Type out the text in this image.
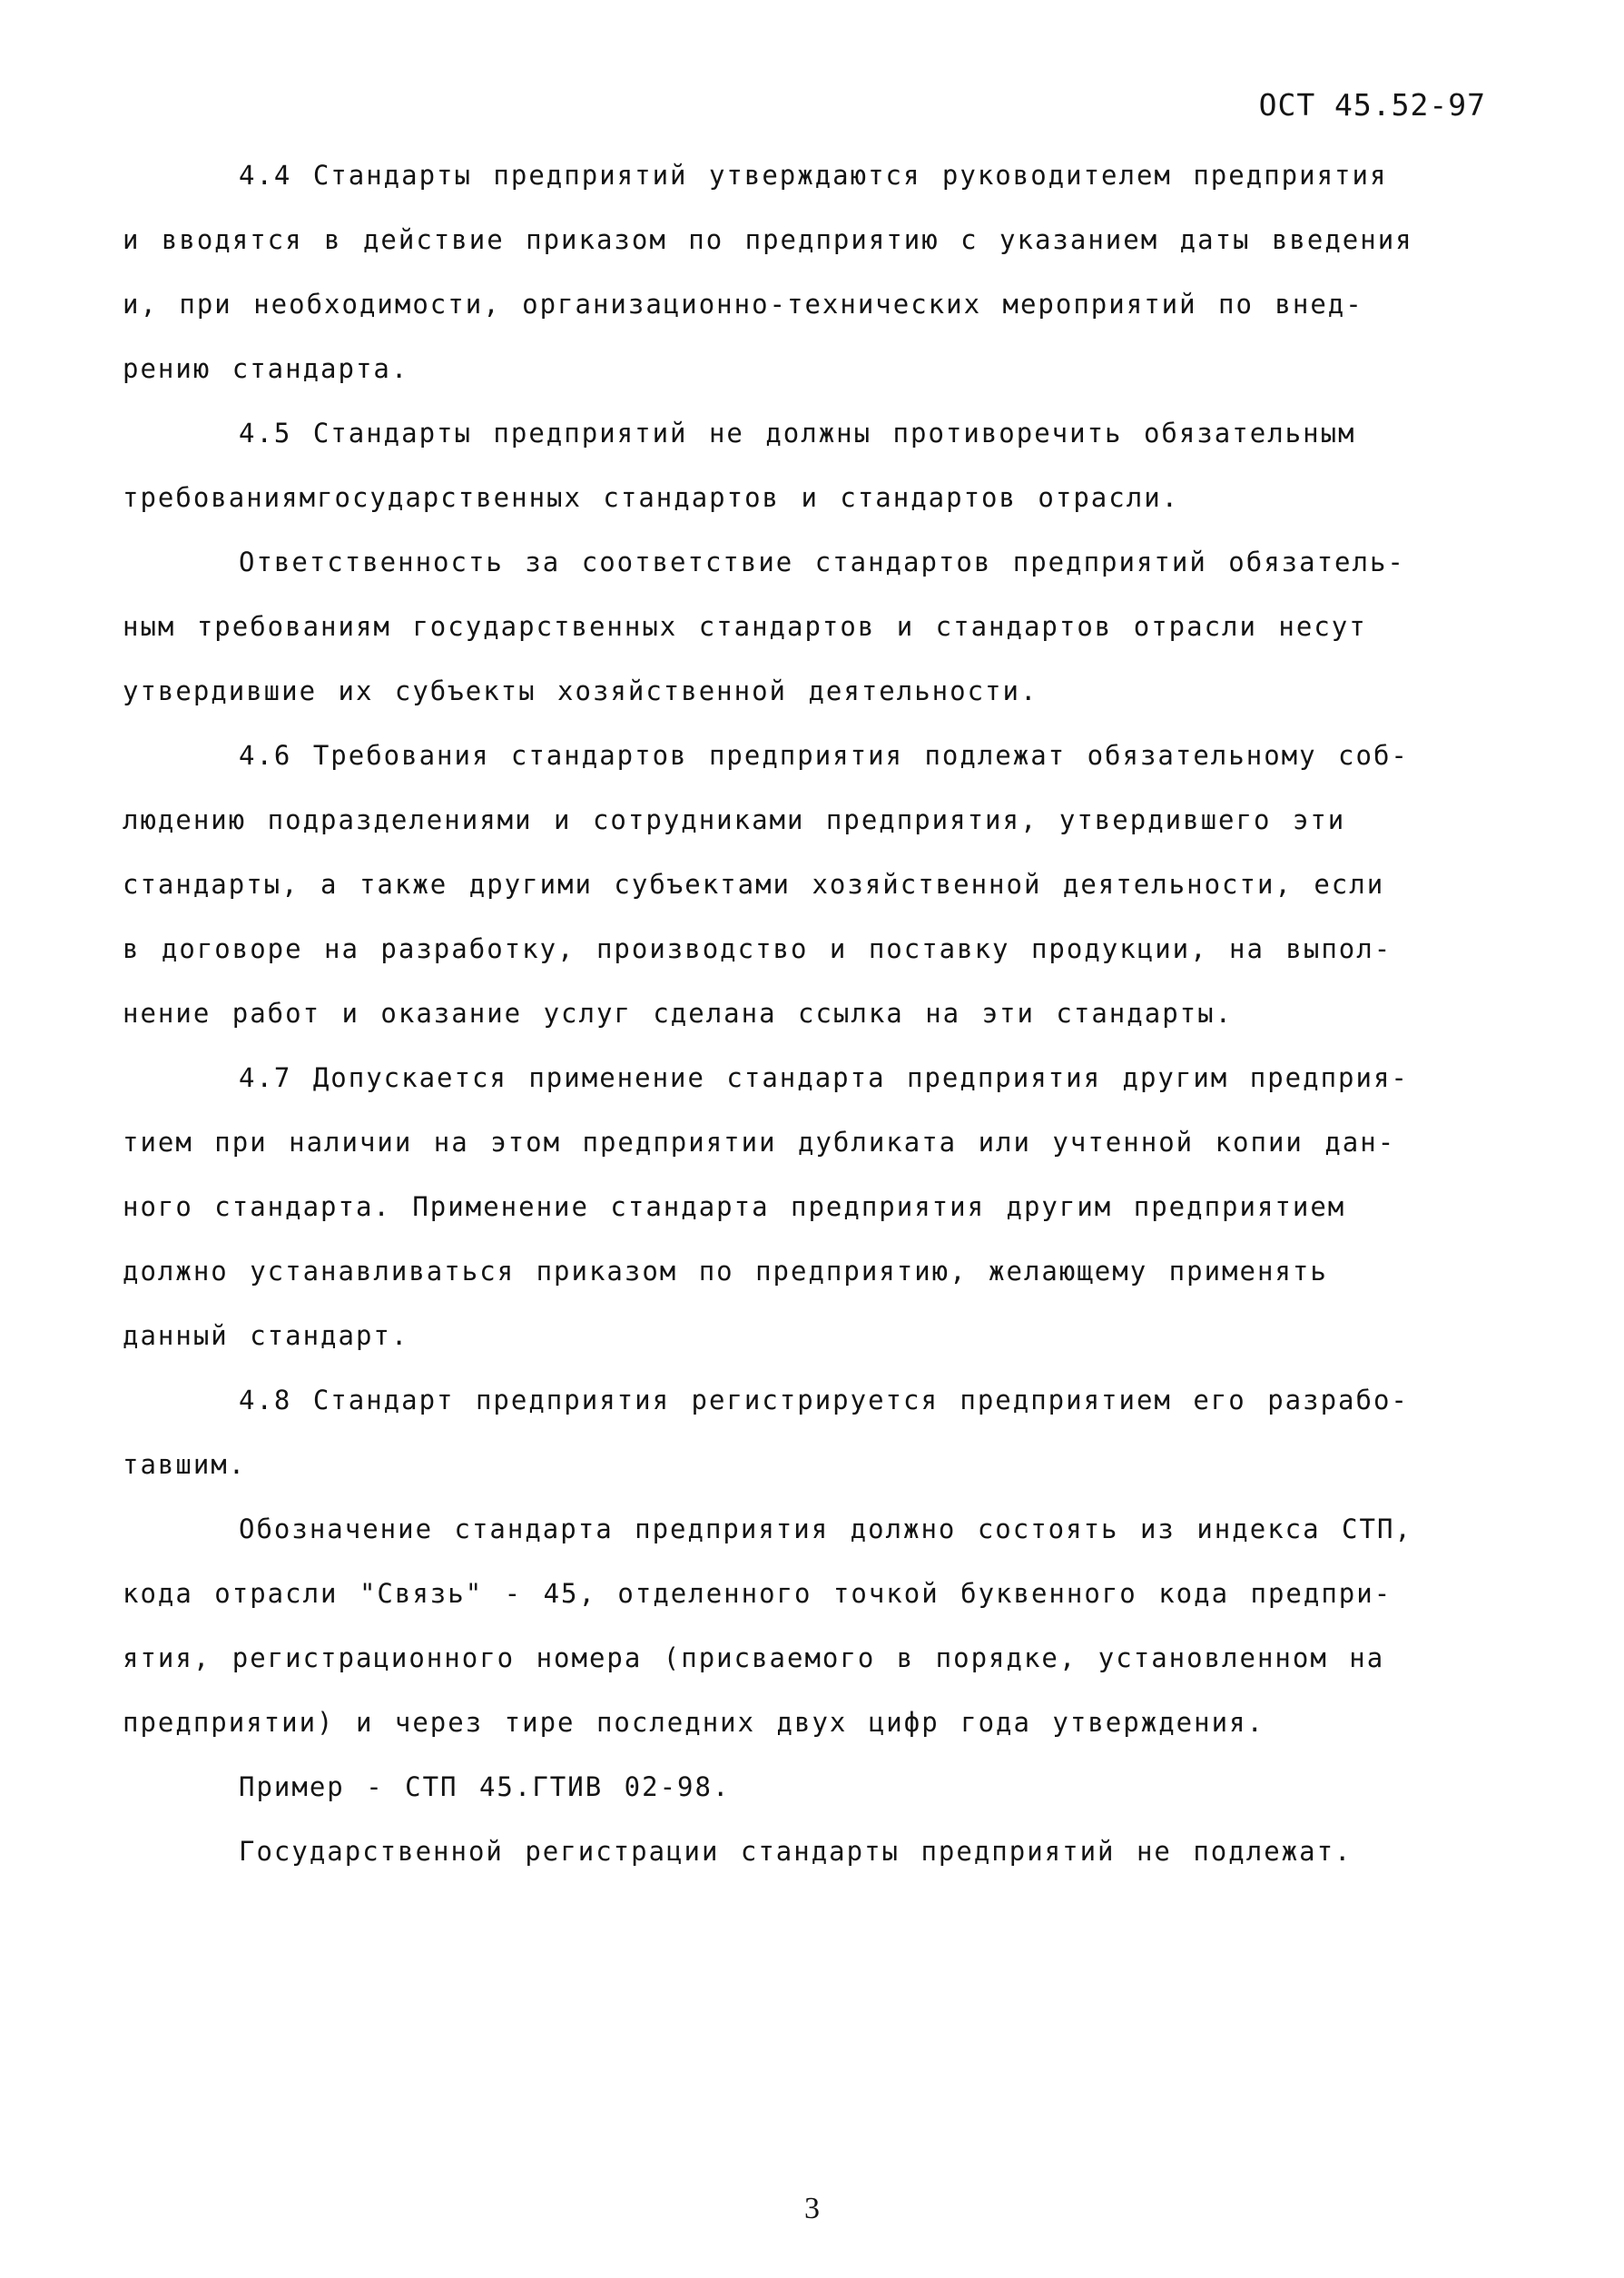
ОСТ 45.52-97
4.4 Стандарты предприятий утверждаются руководителем предприятия
и вводятся в действие приказом по предприятию с указанием даты введения
и, при необходимости, организационно-технических мероприятий по внед-
рению стандарта.
4.5 Стандарты предприятий не должны противоречить обязательным
требованиямгосударственных стандартов и стандартов отрасли.
Ответственность за соответствие стандартов предприятий обязатель-
ным требованиям государственных стандартов и стандартов отрасли несут
утвердившие их субъекты хозяйственной деятельности.
4.6 Требования стандартов предприятия подлежат обязательному соб-
людению подразделениями и сотрудниками предприятия, утвердившего эти
стандарты, а также другими субъектами хозяйственной деятельности, если
в договоре на разработку, производство и поставку продукции, на выпол-
нение работ и оказание услуг сделана ссылка на эти стандарты.
4.7 Допускается применение стандарта предприятия другим предприя-
тием при наличии на этом предприятии дубликата или учтенной копии дан-
ного стандарта. Применение стандарта предприятия другим предприятием
должно устанавливаться приказом по предприятию, желающему применять
данный стандарт.
4.8 Стандарт предприятия регистрируется предприятием его разрабо-
тавшим.
Обозначение стандарта предприятия должно состоять из индекса СТП,
кода отрасли "Связь" - 45, отделенного точкой буквенного кода предпри-
ятия, регистрационного номера (присваемого в порядке, установленном на
предприятии) и через тире последних двух цифр года утверждения.
Пример - СТП 45.ГТИВ 02-98.
Государственной регистрации стандарты предприятий не подлежат.
3
